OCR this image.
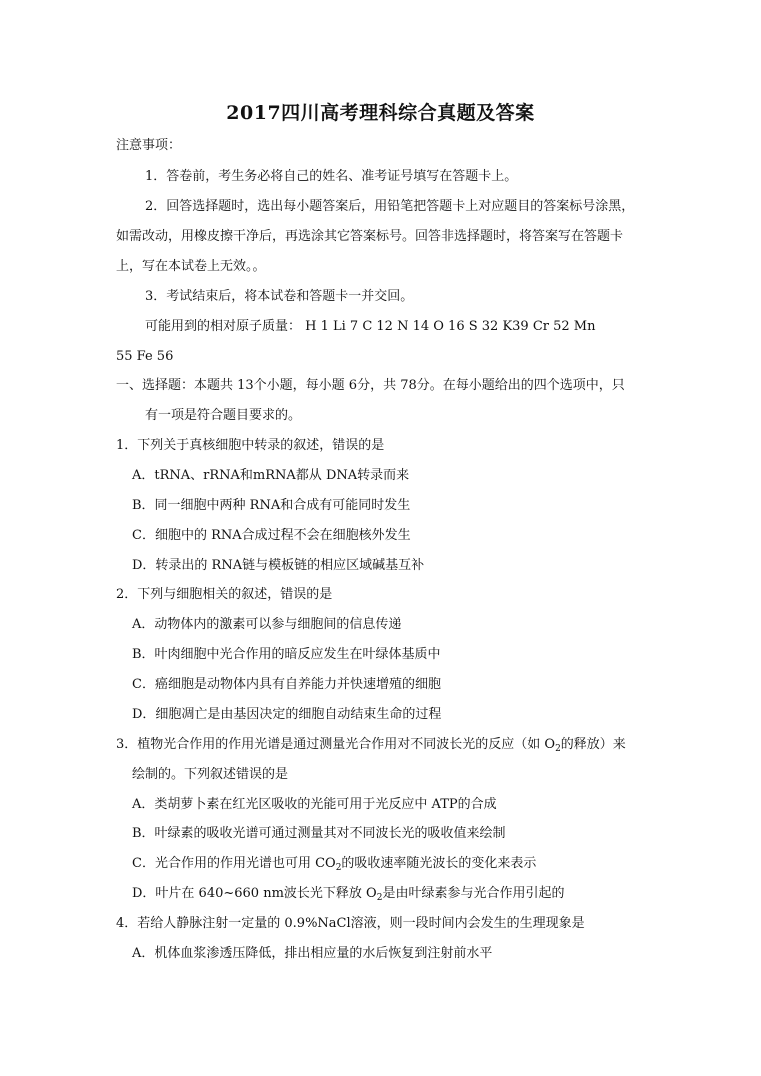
2017四川高考理科综合真题及答案
注意事项：
1．答卷前，考生务必将自己的姓名、准考证号填写在答题卡上。
2．回答选择题时，选出每小题答案后，用铅笔把答题卡上对应题目的答案标号涂黑，
如需改动，用橡皮擦干净后，再选涂其它答案标号。回答非选择题时，将答案写在答题卡
上，写在本试卷上无效。。
3．考试结束后，将本试卷和答题卡一并交回。
可能用到的相对原子质量： H 1 Li 7 C 12 N 14 O 16 S 32 K39 Cr 52 Mn
55 Fe 56
一、选择题：本题共 13个小题，每小题 6分，共 78分。在每小题给出的四个选项中，只
有一项是符合题目要求的。
1．下列关于真核细胞中转录的叙述，错误的是
A．tRNA、rRNA和mRNA都从 DNA转录而来
B．同一细胞中两种 RNA和合成有可能同时发生
C．细胞中的 RNA合成过程不会在细胞核外发生
D．转录出的 RNA链与模板链的相应区域碱基互补
2．下列与细胞相关的叙述，错误的是
A．动物体内的激素可以参与细胞间的信息传递
B．叶肉细胞中光合作用的暗反应发生在叶绿体基质中
C．癌细胞是动物体内具有自养能力并快速增殖的细胞
D．细胞凋亡是由基因决定的细胞自动结束生命的过程
3．植物光合作用的作用光谱是通过测量光合作用对不同波长光的反应（如 $O_2$的释放）来
绘制的。下列叙述错误的是
A．类胡萝卜素在红光区吸收的光能可用于光反应中 ATP的合成
B．叶绿素的吸收光谱可通过测量其对不同波长光的吸收值来绘制
C．光合作用的作用光谱也可用 $CO_2$的吸收速率随光波长的变化来表示
D．叶片在 640~660 nm波长光下释放 $O_2$是由叶绿素参与光合作用引起的
4．若给人静脉注射一定量的 0.9%NaCl溶液，则一段时间内会发生的生理现象是
A．机体血浆渗透压降低，排出相应量的水后恢复到注射前水平
